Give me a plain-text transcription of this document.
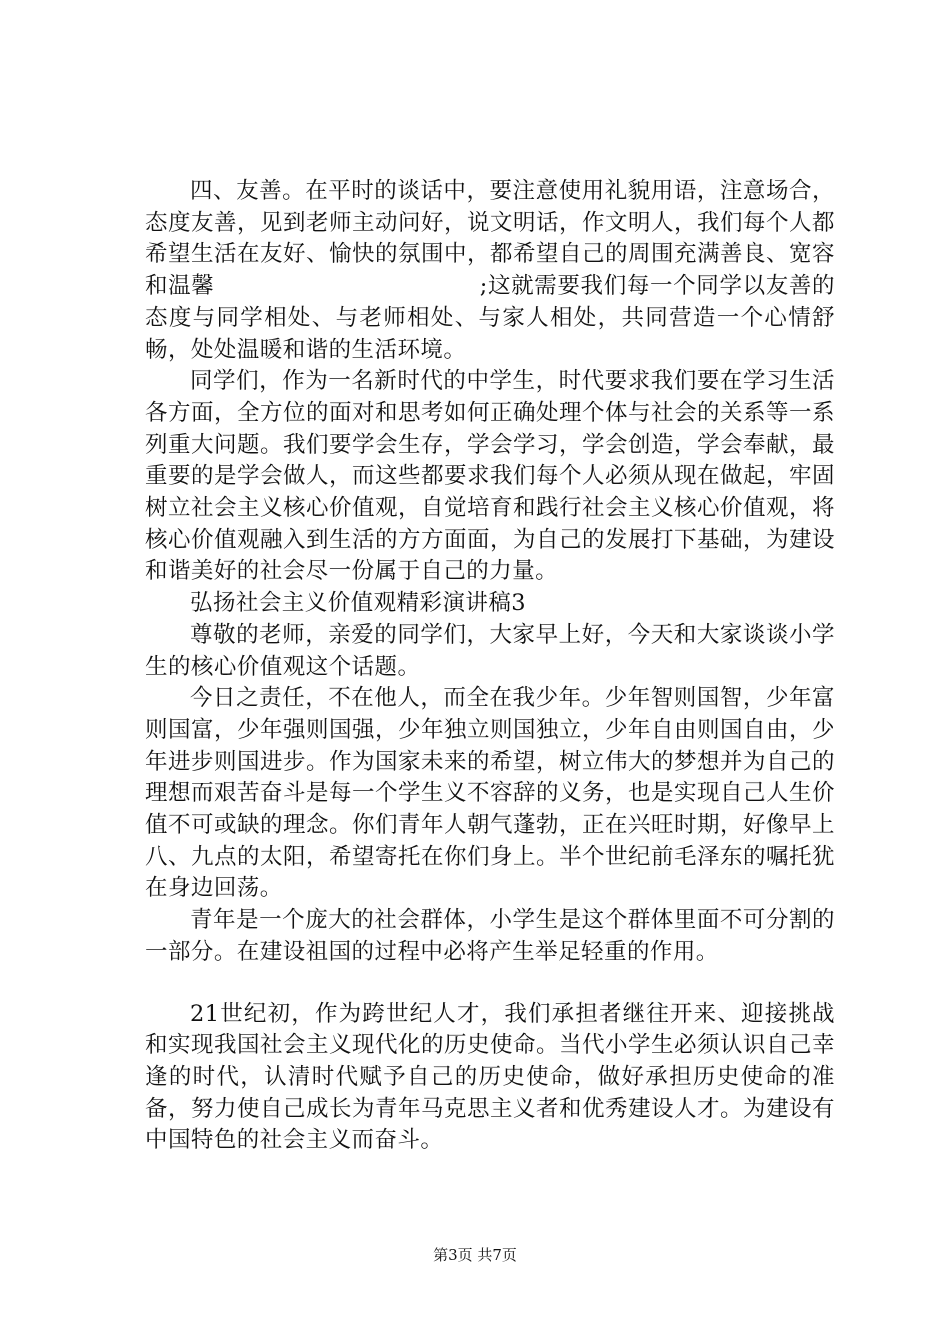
四、友善。在平时的谈话中，要注意使用礼貌用语，注意场合，态度友善，见到老师主动问好，说文明话，作文明人，我们每个人都希望生活在友好、愉快的氛围中，都希望自己的周围充满善良、宽容和温馨                                  ;这就需要我们每一个同学以友善的态度与同学相处、与老师相处、与家人相处，共同营造一个心情舒畅，处处温暖和谐的生活环境。

同学们，作为一名新时代的中学生，时代要求我们要在学习生活各方面，全方位的面对和思考如何正确处理个体与社会的关系等一系列重大问题。我们要学会生存，学会学习，学会创造，学会奉献，最重要的是学会做人，而这些都要求我们每个人必须从现在做起，牢固树立社会主义核心价值观，自觉培育和践行社会主义核心价值观，将核心价值观融入到生活的方方面面，为自己的发展打下基础，为建设和谐美好的社会尽一份属于自己的力量。

弘扬社会主义价值观精彩演讲稿3

尊敬的老师，亲爱的同学们，大家早上好，今天和大家谈谈小学生的核心价值观这个话题。

今日之责任，不在他人，而全在我少年。少年智则国智，少年富则国富，少年强则国强，少年独立则国独立，少年自由则国自由，少年进步则国进步。作为国家未来的希望，树立伟大的梦想并为自己的理想而艰苦奋斗是每一个学生义不容辞的义务，也是实现自己人生价值不可或缺的理念。你们青年人朝气蓬勃，正在兴旺时期，好像早上八、九点的太阳，希望寄托在你们身上。半个世纪前毛泽东的嘱托犹在身边回荡。

青年是一个庞大的社会群体，小学生是这个群体里面不可分割的一部分。在建设祖国的过程中必将产生举足轻重的作用。

21世纪初，作为跨世纪人才，我们承担者继往开来、迎接挑战和实现我国社会主义现代化的历史使命。当代小学生必须认识自己幸逢的时代，认清时代赋予自己的历史使命，做好承担历史使命的准备，努力使自己成长为青年马克思主义者和优秀建设人才。为建设有中国特色的社会主义而奋斗。

第3页 共7页
